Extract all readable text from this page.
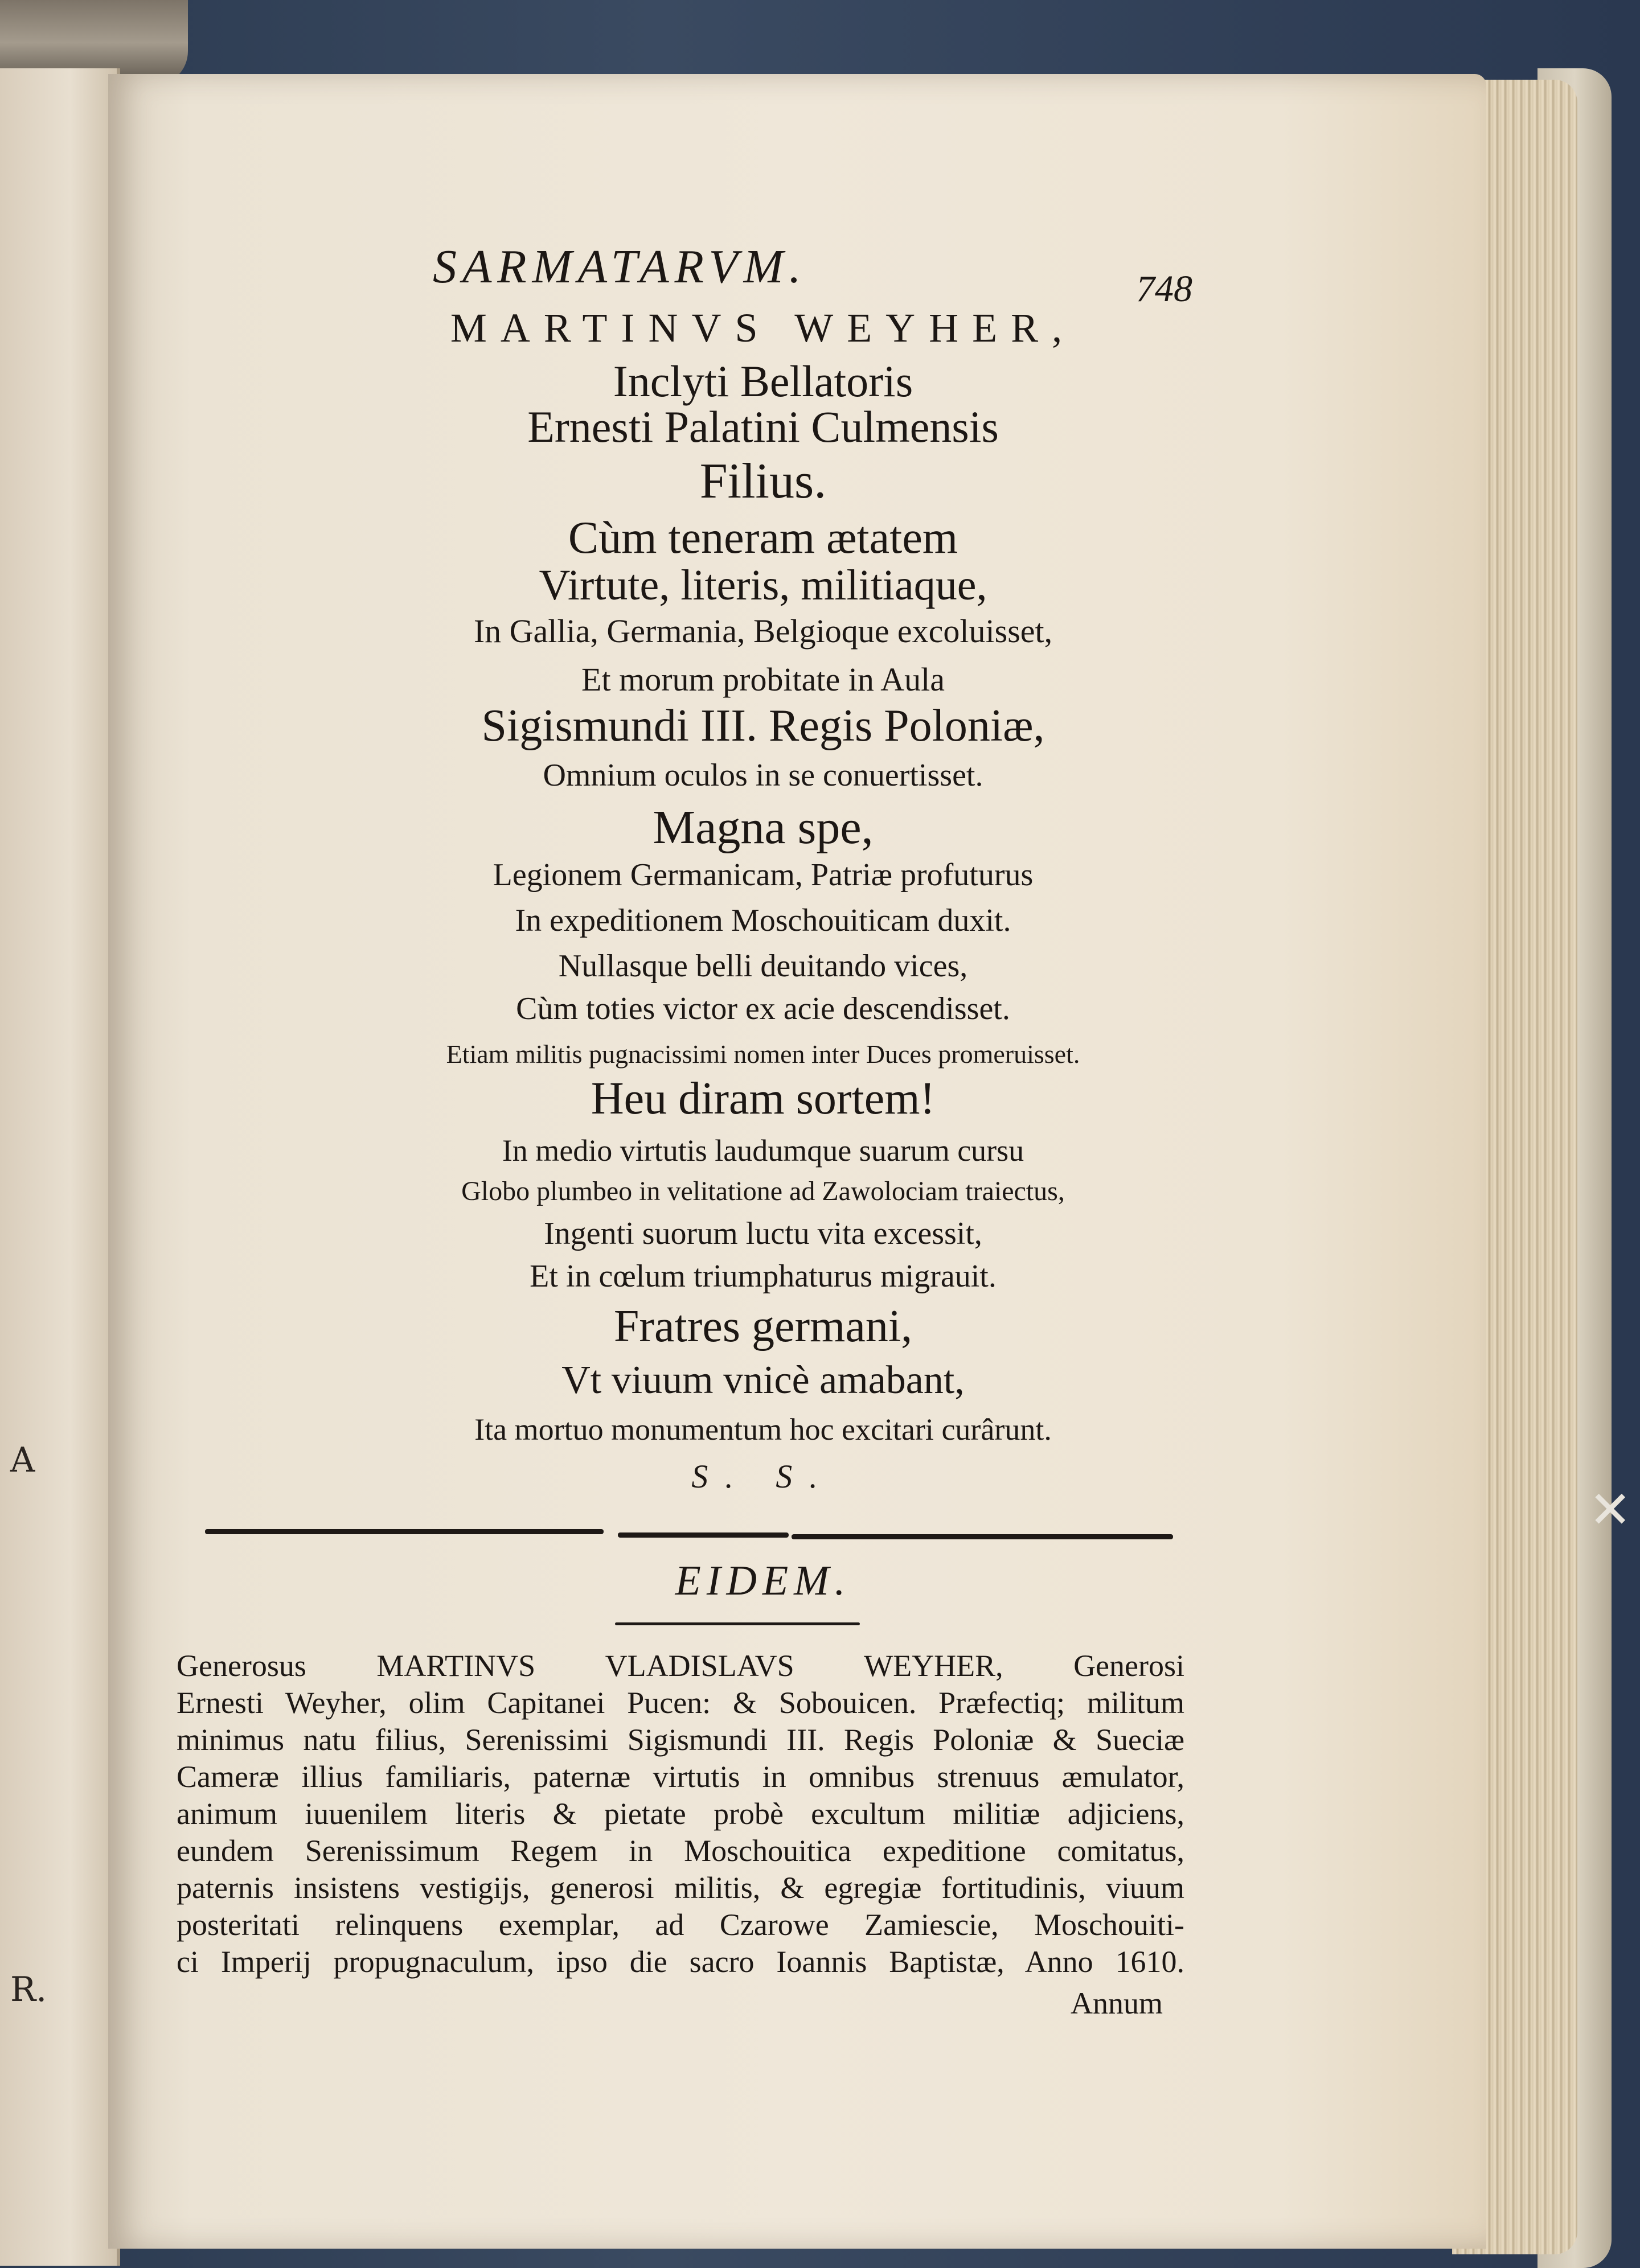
A
R.
SARMATARVM.	748
MARTINVS WEYHER,
Inclyti Bellatoris
Ernesti Palatini Culmensis
Filius.
Cùm teneram ætatem
Virtute, literis, militiaque,
In Gallia, Germania, Belgioque excoluisset,
Et morum probitate in Aula
Sigismundi III. Regis Poloniæ,
Omnium oculos in se conuertisset.
Magna spe,
Legionem Germanicam, Patriæ profuturus
In expeditionem Moschouiticam duxit.
Nullasque belli deuitando vices,
Cùm toties victor ex acie descendisset.
Etiam militis pugnacissimi nomen inter Duces promeruisset.
Heu diram sortem!
In medio virtutis laudumque suarum cursu
Globo plumbeo in velitatione ad Zawolociam traiectus,
Ingenti suorum luctu vita excessit,
Et in cœlum triumphaturus migrauit.
Fratres germani,
Vt viuum vnicè amabant,
Ita mortuo monumentum hoc excitari curârunt.
S. S.
EIDEM.
Generosus MARTINVS VLADISLAVS WEYHER, Generosi
Ernesti Weyher, olim Capitanei Pucen: & Sobouicen. Præfectiq; militum
minimus natu filius, Serenissimi Sigismundi III. Regis Poloniæ & Sueciæ
Cameræ illius familiaris, paternæ virtutis in omnibus strenuus æmulator,
animum iuuenilem literis & pietate probè excultum militiæ adjiciens,
eundem Serenissimum Regem in Moschouitica expeditione comitatus,
paternis insistens vestigijs, generosi militis, & egregiæ fortitudinis, viuum
posteritati relinquens exemplar, ad Czarowe Zamiescie, Moschouiti-
ci Imperij propugnaculum, ipso die sacro Ioannis Baptistæ, Anno 1610.
Annum
✕
